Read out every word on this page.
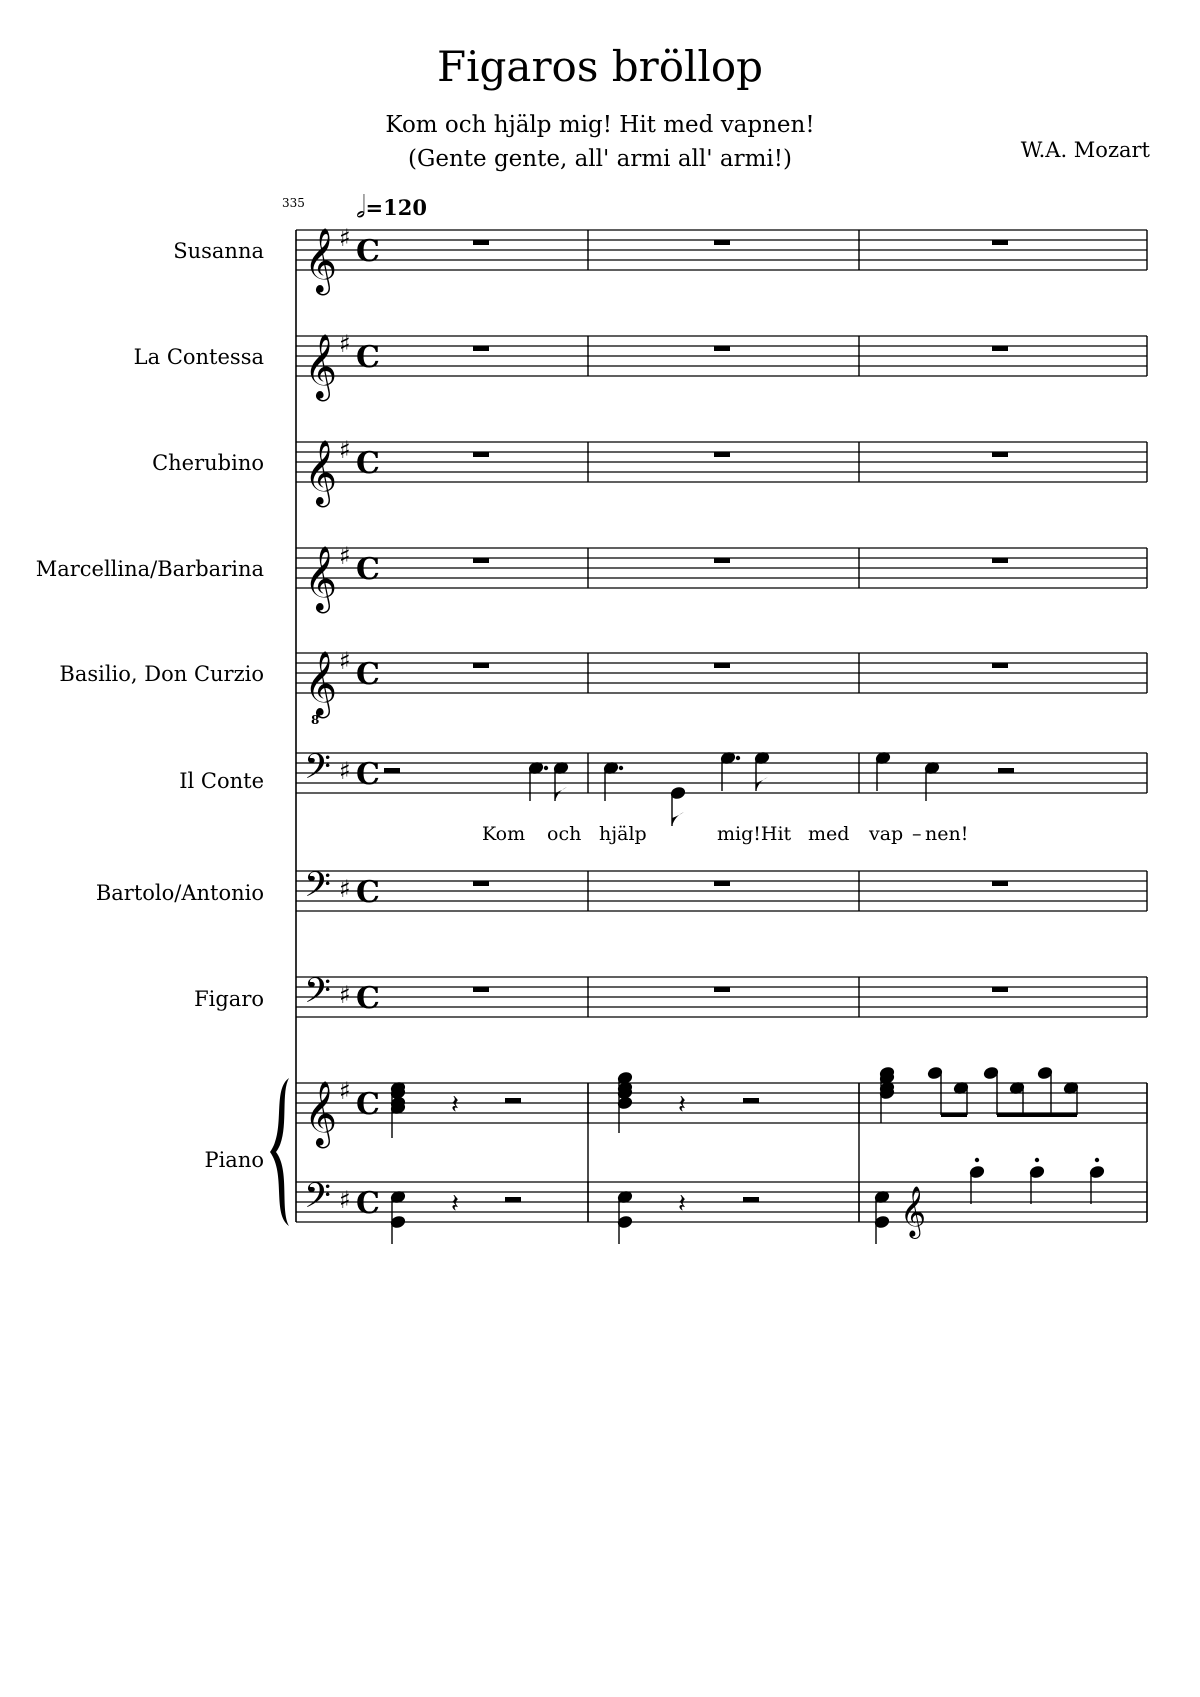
Figaros bröllop
Kom och hjälp mig! Hit med vapnen!
(Gente gente, all' armi all' armi!)	W.A. Mozart
335 𝅗𝅥=120
Susanna
La Contessa
Cherubino
Marcellina/Barbarina
Basilio, Don Curzio
Il Conte
Bartolo/Antonio
Figaro
Piano
Kom och hjälp	mig!Hit med vap – nen!
𝄞 ♯ C
𝄞 ♯ C
𝄞 ♯ C
𝄞 ♯ C
𝄞
8
♯ C
𝄢 ♯ C
𝄢 ♯ C
𝄢 ♯ C
𝄞 ♯ C
𝄢 ♯ C
𝄽	𝄽
𝄽	𝄽	𝄞
